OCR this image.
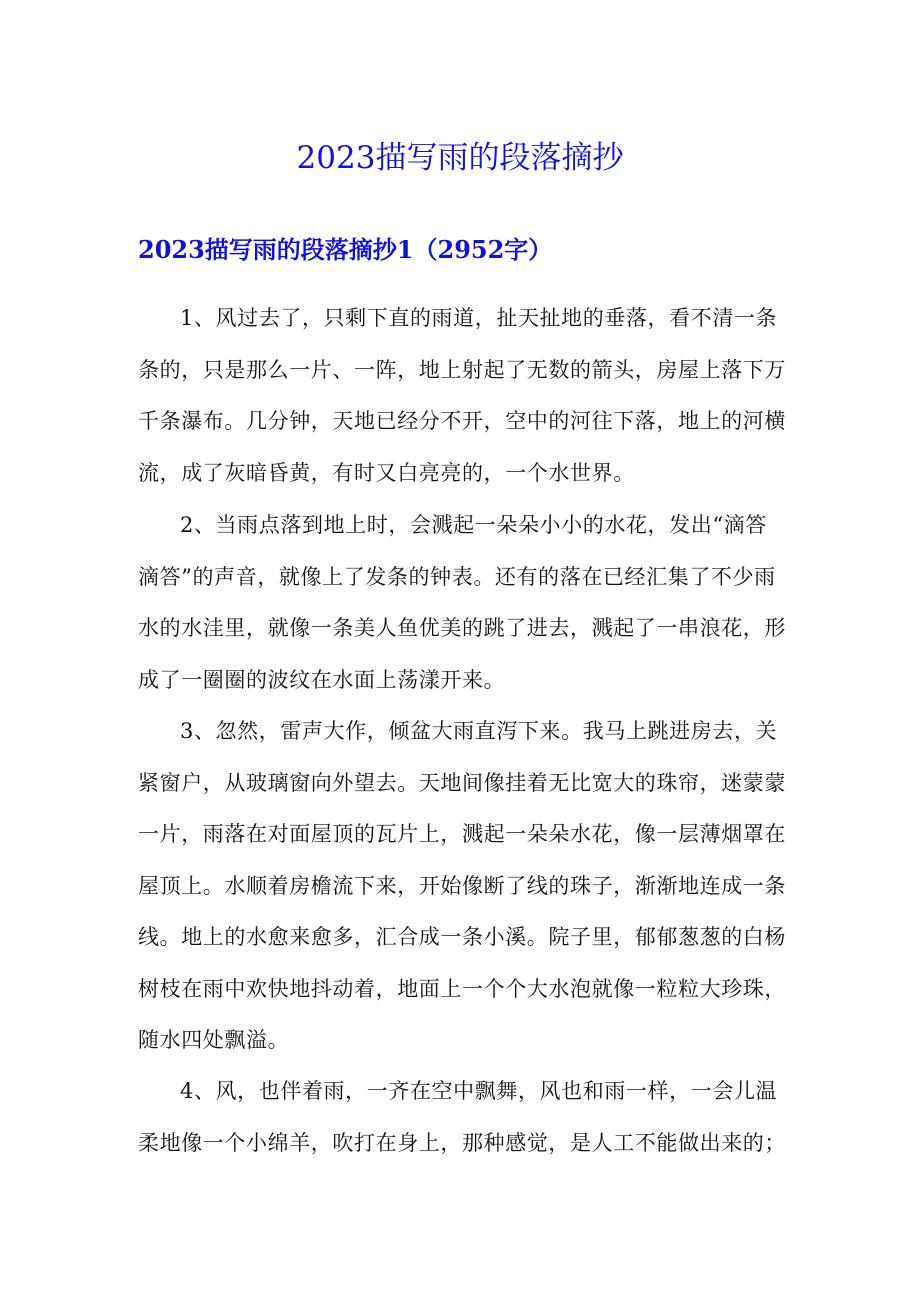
2023描写雨的段落摘抄
2023描写雨的段落摘抄1（2952字）

1、风过去了，只剩下直的雨道，扯天扯地的垂落，看不清一条
条的，只是那么一片、一阵，地上射起了无数的箭头，房屋上落下万
千条瀑布。几分钟，天地已经分不开，空中的河往下落，地上的河横
流，成了灰暗昏黄，有时又白亮亮的，一个水世界。

2、当雨点落到地上时，会溅起一朵朵小小的水花，发出“滴答
滴答”的声音，就像上了发条的钟表。还有的落在已经汇集了不少雨
水的水洼里，就像一条美人鱼优美的跳了进去，溅起了一串浪花，形
成了一圈圈的波纹在水面上荡漾开来。

3、忽然，雷声大作，倾盆大雨直泻下来。我马上跳进房去，关
紧窗户，从玻璃窗向外望去。天地间像挂着无比宽大的珠帘，迷蒙蒙
一片，雨落在对面屋顶的瓦片上，溅起一朵朵水花，像一层薄烟罩在
屋顶上。水顺着房檐流下来，开始像断了线的珠子，渐渐地连成一条
线。地上的水愈来愈多，汇合成一条小溪。院子里，郁郁葱葱的白杨
树枝在雨中欢快地抖动着，地面上一个个大水泡就像一粒粒大珍珠，
随水四处飘溢。

4、风，也伴着雨，一齐在空中飘舞，风也和雨一样，一会儿温
柔地像一个小绵羊，吹打在身上，那种感觉，是人工不能做出来的；
